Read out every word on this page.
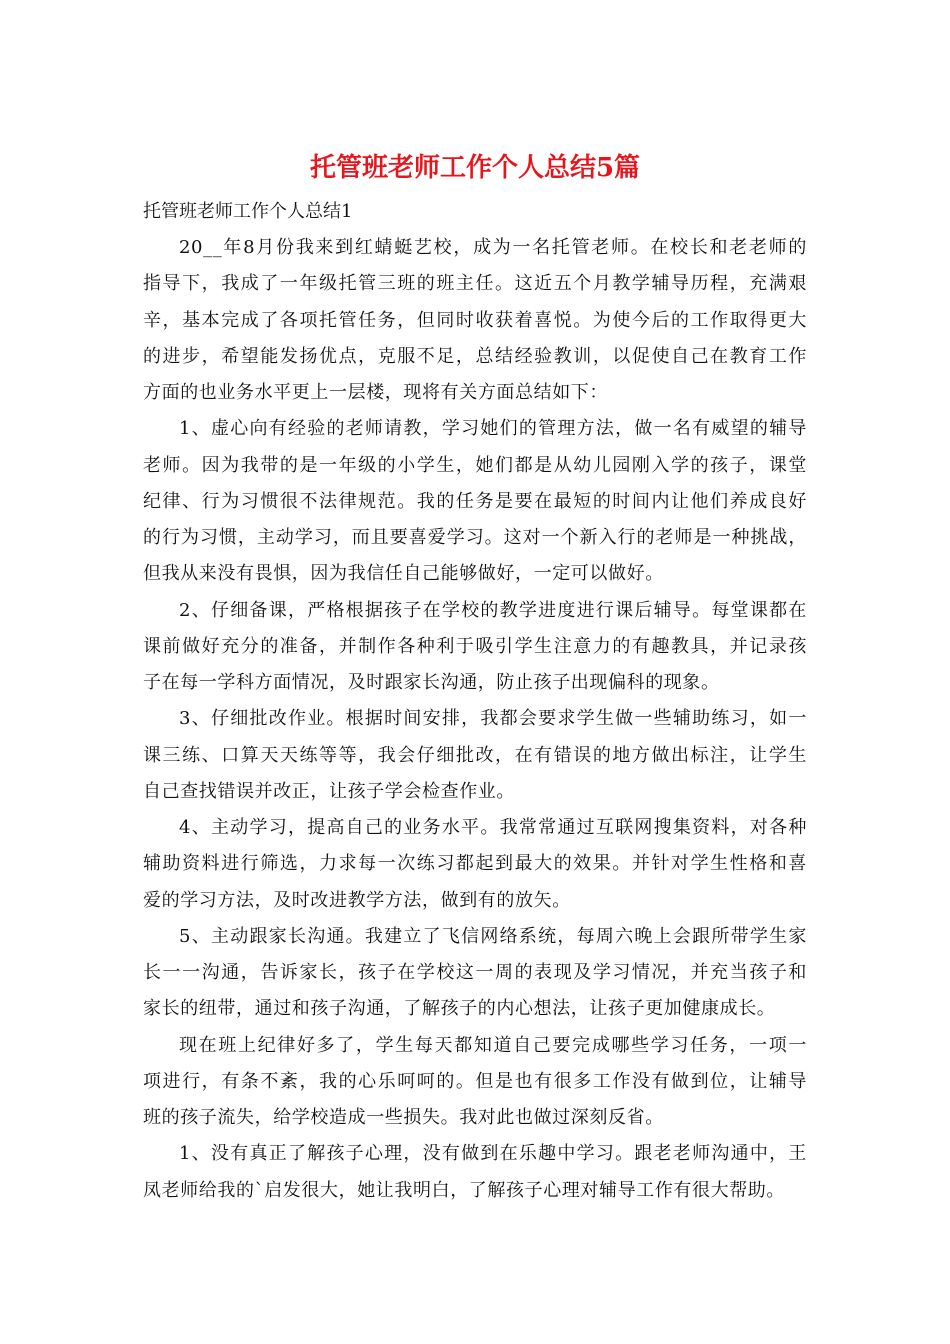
托管班老师工作个人总结5篇

托管班老师工作个人总结1

20__年8月份我来到红蜻蜓艺校，成为一名托管老师。在校长和老老师的
指导下，我成了一年级托管三班的班主任。这近五个月教学辅导历程，充满艰
辛，基本完成了各项托管任务，但同时收获着喜悦。为使今后的工作取得更大
的进步，希望能发扬优点，克服不足，总结经验教训，以促使自己在教育工作
方面的也业务水平更上一层楼，现将有关方面总结如下：

1、虚心向有经验的老师请教，学习她们的管理方法，做一名有威望的辅导
老师。因为我带的是一年级的小学生，她们都是从幼儿园刚入学的孩子，课堂
纪律、行为习惯很不法律规范。我的任务是要在最短的时间内让他们养成良好
的行为习惯，主动学习，而且要喜爱学习。这对一个新入行的老师是一种挑战，
但我从来没有畏惧，因为我信任自己能够做好，一定可以做好。

2、仔细备课，严格根据孩子在学校的教学进度进行课后辅导。每堂课都在
课前做好充分的准备，并制作各种利于吸引学生注意力的有趣教具，并记录孩
子在每一学科方面情况，及时跟家长沟通，防止孩子出现偏科的现象。

3、仔细批改作业。根据时间安排，我都会要求学生做一些辅助练习，如一
课三练、口算天天练等等，我会仔细批改，在有错误的地方做出标注，让学生
自己查找错误并改正，让孩子学会检查作业。

4、主动学习，提高自己的业务水平。我常常通过互联网搜集资料，对各种
辅助资料进行筛选，力求每一次练习都起到最大的效果。并针对学生性格和喜
爱的学习方法，及时改进教学方法，做到有的放矢。

5、主动跟家长沟通。我建立了飞信网络系统，每周六晚上会跟所带学生家
长一一沟通，告诉家长，孩子在学校这一周的表现及学习情况，并充当孩子和
家长的纽带，通过和孩子沟通，了解孩子的内心想法，让孩子更加健康成长。

现在班上纪律好多了，学生每天都知道自己要完成哪些学习任务，一项一
项进行，有条不紊，我的心乐呵呵的。但是也有很多工作没有做到位，让辅导
班的孩子流失，给学校造成一些损失。我对此也做过深刻反省。

1、没有真正了解孩子心理，没有做到在乐趣中学习。跟老老师沟通中，王
凤老师给我的`启发很大，她让我明白，了解孩子心理对辅导工作有很大帮助。
